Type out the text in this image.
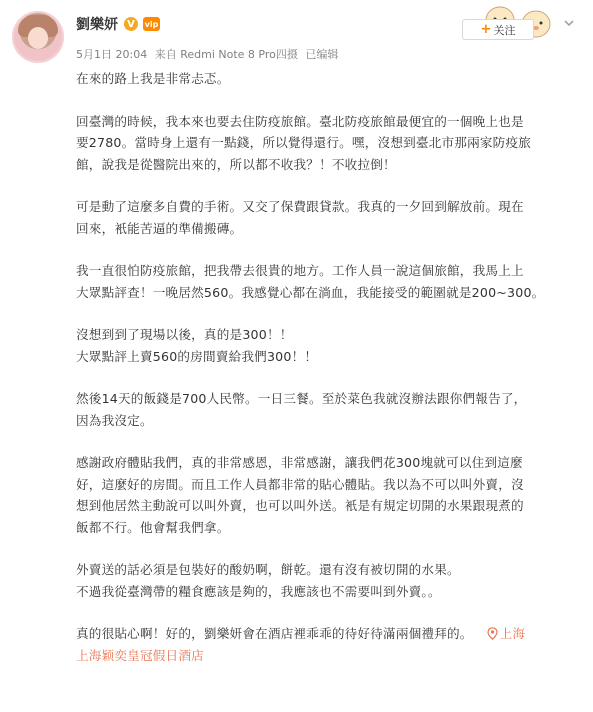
劉樂妍 V	vip
5月1日 20:04 来自 Redmi Note 8 Pro四摄 已编辑
+ 关注

在來的路上我是非常忐忑。

回臺灣的時候，我本來也要去住防疫旅館。臺北防疫旅館最便宜的一個晚上也是

要2780。當時身上還有一點錢，所以覺得還行。嘿，沒想到臺北市那兩家防疫旅

館，說我是從醫院出來的，所以都不收我？！不收拉倒！

可是動了這麼多自費的手術。又交了保費跟貸款。我真的一夕回到解放前。現在

回來，衹能苦逼的準備搬磚。

我一直很怕防疫旅館，把我帶去很貴的地方。工作人員一說這個旅館，我馬上上

大眾點評查！一晚居然560。我感覺心都在淌血，我能接受的範圍就是200~300。

沒想到到了現場以後，真的是300！！

大眾點評上賣560的房間賣給我們300！！

然後14天的飯錢是700人民幣。一日三餐。至於菜色我就沒辦法跟你們報告了，

因為我沒定。

感謝政府體貼我們，真的非常感恩，非常感謝，讓我們花300塊就可以住到這麼

好，這麼好的房間。而且工作人員都非常的貼心體貼。我以為不可以叫外賣，沒

想到他居然主動說可以叫外賣，也可以叫外送。衹是有規定切開的水果跟現煮的

飯都不行。他會幫我們拿。

外賣送的話必須是包裝好的酸奶啊，餅乾。還有沒有被切開的水果。

不過我從臺灣帶的糧食應該是夠的，我應該也不需要叫到外賣。。

真的很貼心啊！好的，劉樂妍會在酒店裡乖乖的待好待滿兩個禮拜的。 上海

上海颖奕皇冠假日酒店
